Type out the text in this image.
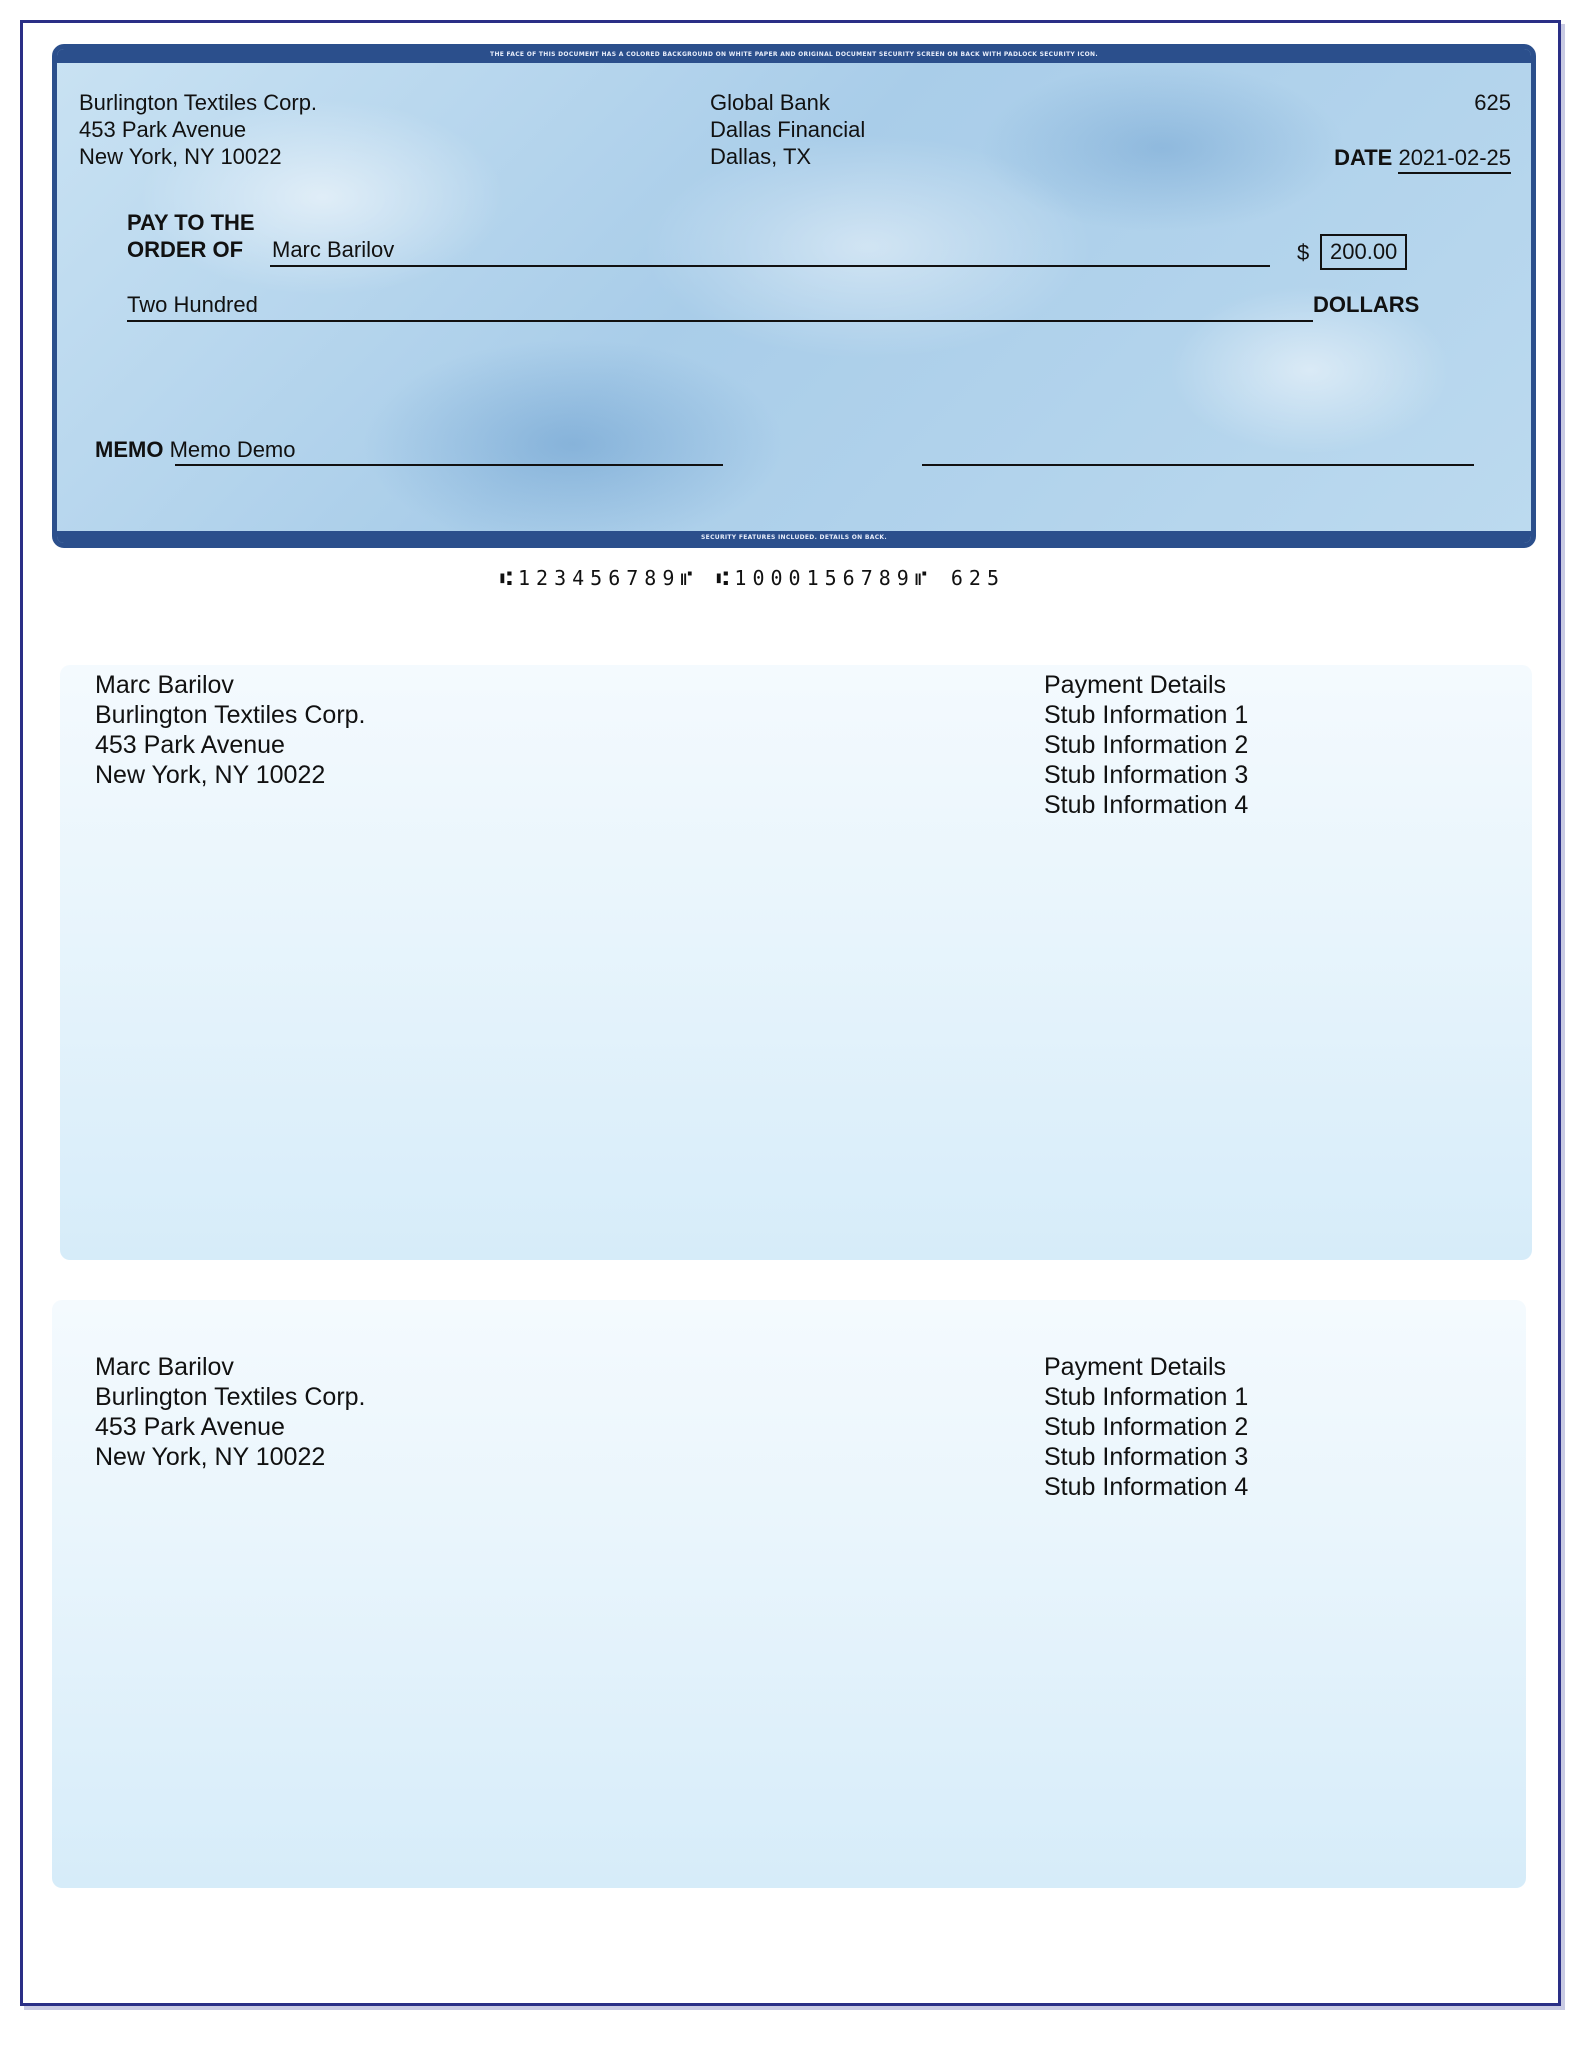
THE FACE OF THIS DOCUMENT HAS A COLORED BACKGROUND ON WHITE PAPER AND ORIGINAL DOCUMENT SECURITY SCREEN ON BACK WITH PADLOCK SECURITY ICON.
SECURITY FEATURES INCLUDED. DETAILS ON BACK.
Burlington Textiles Corp.
453 Park Avenue
New York, NY 10022
Global Bank
Dallas Financial
Dallas, TX
625
DATE 2021-02-25
PAY TO THE
ORDER OF	Marc Barilov	$ 200.00
Two Hundred	DOLLARS
MEMO Memo Demo
⑆123456789⑈ ⑆1000156789⑈ 625
Marc Barilov
Burlington Textiles Corp.
453 Park Avenue
New York, NY 10022
Payment Details
Stub Information 1
Stub Information 2
Stub Information 3
Stub Information 4
Marc Barilov
Burlington Textiles Corp.
453 Park Avenue
New York, NY 10022
Payment Details
Stub Information 1
Stub Information 2
Stub Information 3
Stub Information 4
